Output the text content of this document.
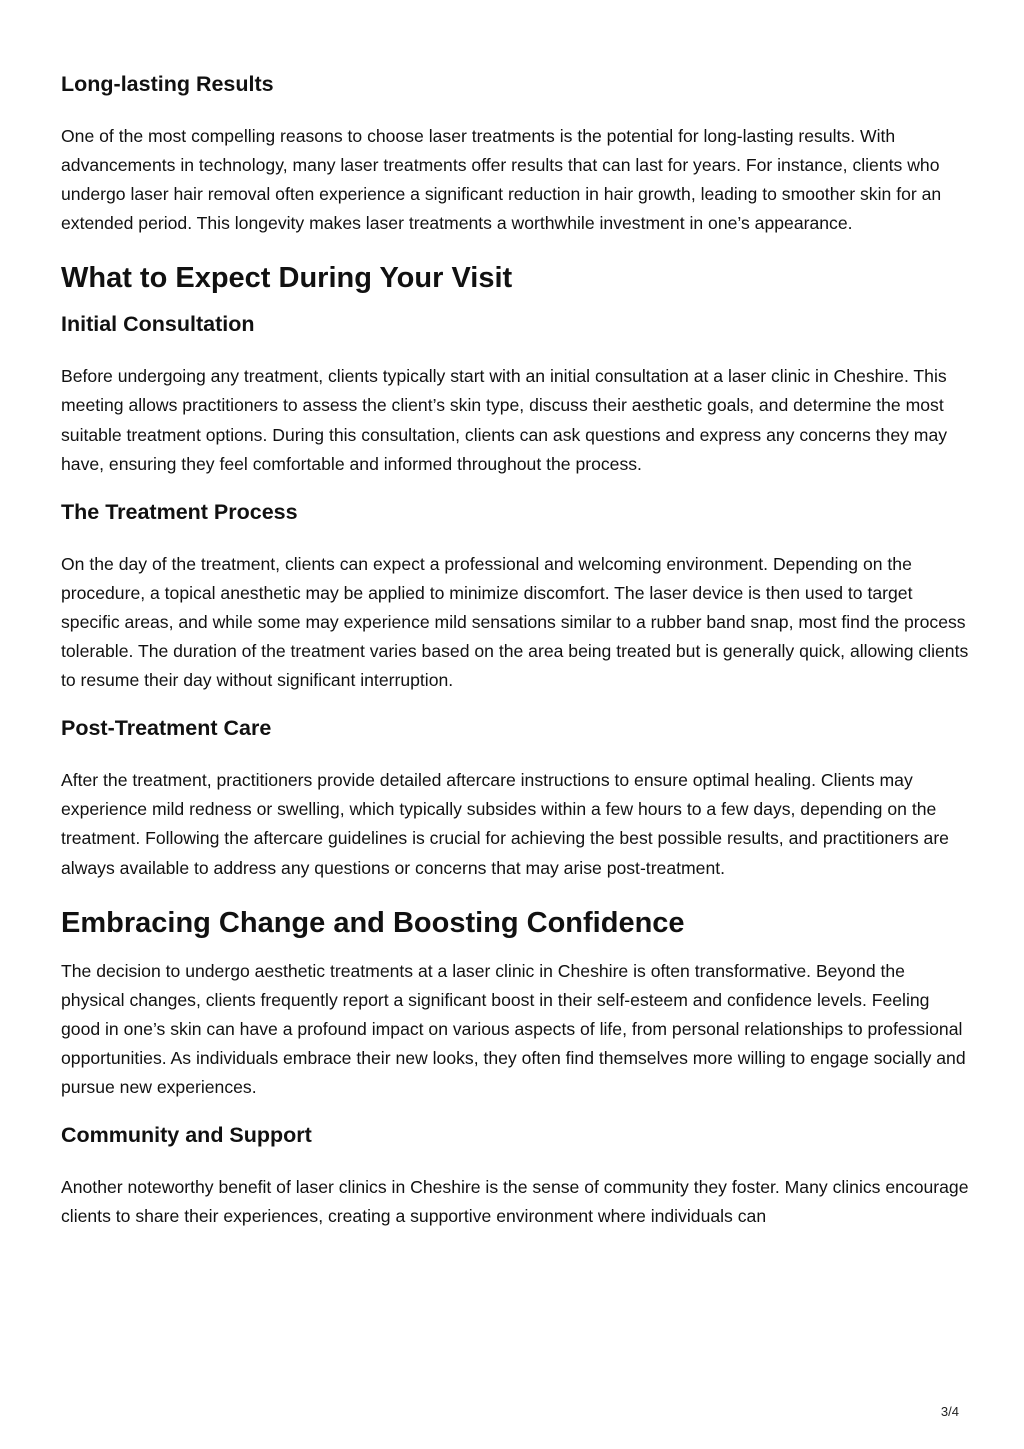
Long-lasting Results

One of the most compelling reasons to choose laser treatments is the potential for long-lasting results. With advancements in technology, many laser treatments offer results that can last for years. For instance, clients who undergo laser hair removal often experience a significant reduction in hair growth, leading to smoother skin for an extended period. This longevity makes laser treatments a worthwhile investment in one’s appearance.

What to Expect During Your Visit
Initial Consultation

Before undergoing any treatment, clients typically start with an initial consultation at a laser clinic in Cheshire. This meeting allows practitioners to assess the client’s skin type, discuss their aesthetic goals, and determine the most suitable treatment options. During this consultation, clients can ask questions and express any concerns they may have, ensuring they feel comfortable and informed throughout the process.

The Treatment Process

On the day of the treatment, clients can expect a professional and welcoming environment. Depending on the procedure, a topical anesthetic may be applied to minimize discomfort. The laser device is then used to target specific areas, and while some may experience mild sensations similar to a rubber band snap, most find the process tolerable. The duration of the treatment varies based on the area being treated but is generally quick, allowing clients to resume their day without significant interruption.

Post-Treatment Care

After the treatment, practitioners provide detailed aftercare instructions to ensure optimal healing. Clients may experience mild redness or swelling, which typically subsides within a few hours to a few days, depending on the treatment. Following the aftercare guidelines is crucial for achieving the best possible results, and practitioners are always available to address any questions or concerns that may arise post-treatment.

Embracing Change and Boosting Confidence

The decision to undergo aesthetic treatments at a laser clinic in Cheshire is often transformative. Beyond the physical changes, clients frequently report a significant boost in their self-esteem and confidence levels. Feeling good in one’s skin can have a profound impact on various aspects of life, from personal relationships to professional opportunities. As individuals embrace their new looks, they often find themselves more willing to engage socially and pursue new experiences.

Community and Support

Another noteworthy benefit of laser clinics in Cheshire is the sense of community they foster. Many clinics encourage clients to share their experiences, creating a supportive environment where individuals can

3/4
